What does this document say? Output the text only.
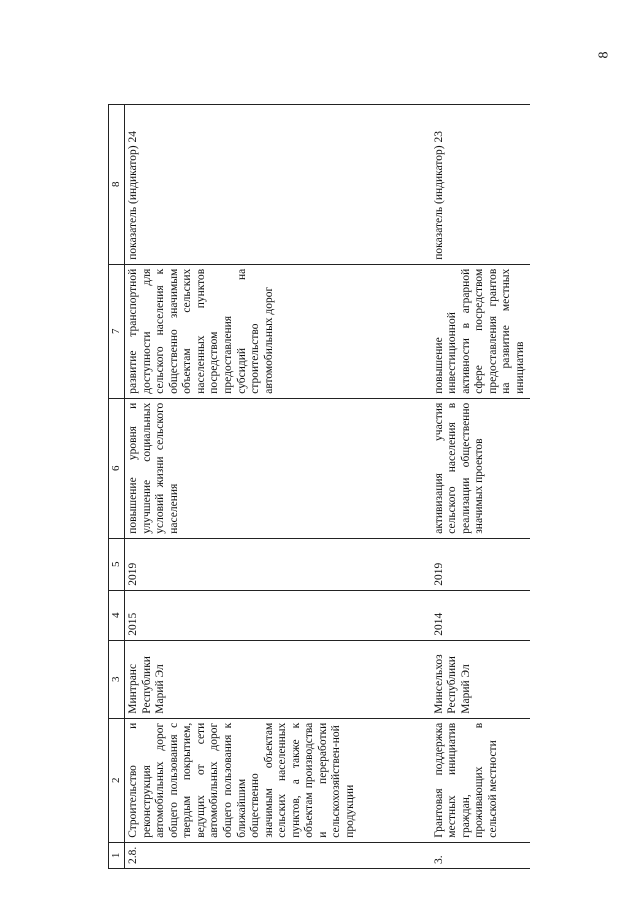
8
1	2	3	4	5	6	7	8
2.8.	Строительство и реконструкция автомобильных дорог общего пользования с твердым покрытием, ведущих от сети автомобильных дорог общего пользования к ближайшим общественно значимым объектам сельских населенных пунктов, а также к объектам производства и переработки сельскохозяйствен-ной продукции	Минтранс Республики Марий Эл	2015	2019	повышение уровня и улучшение социальных условий жизни сельского населения	развитие транспортной доступности для сельского населения к общественно значимым объектам сельских населенных пунктов посредством предоставления субсидий на строительство автомобильных дорог	показатель (индикатор) 24
3.	Грантовая поддержка местных инициатив граждан, проживающих в сельской местности	Минсельхоз Республики Марий Эл	2014	2019	активизация участия сельского населения в реализации общественно значимых проектов	повышение инвестиционной активности в аграрной сфере посредством предоставления грантов на развитие местных инициатив	показатель (индикатор) 23
